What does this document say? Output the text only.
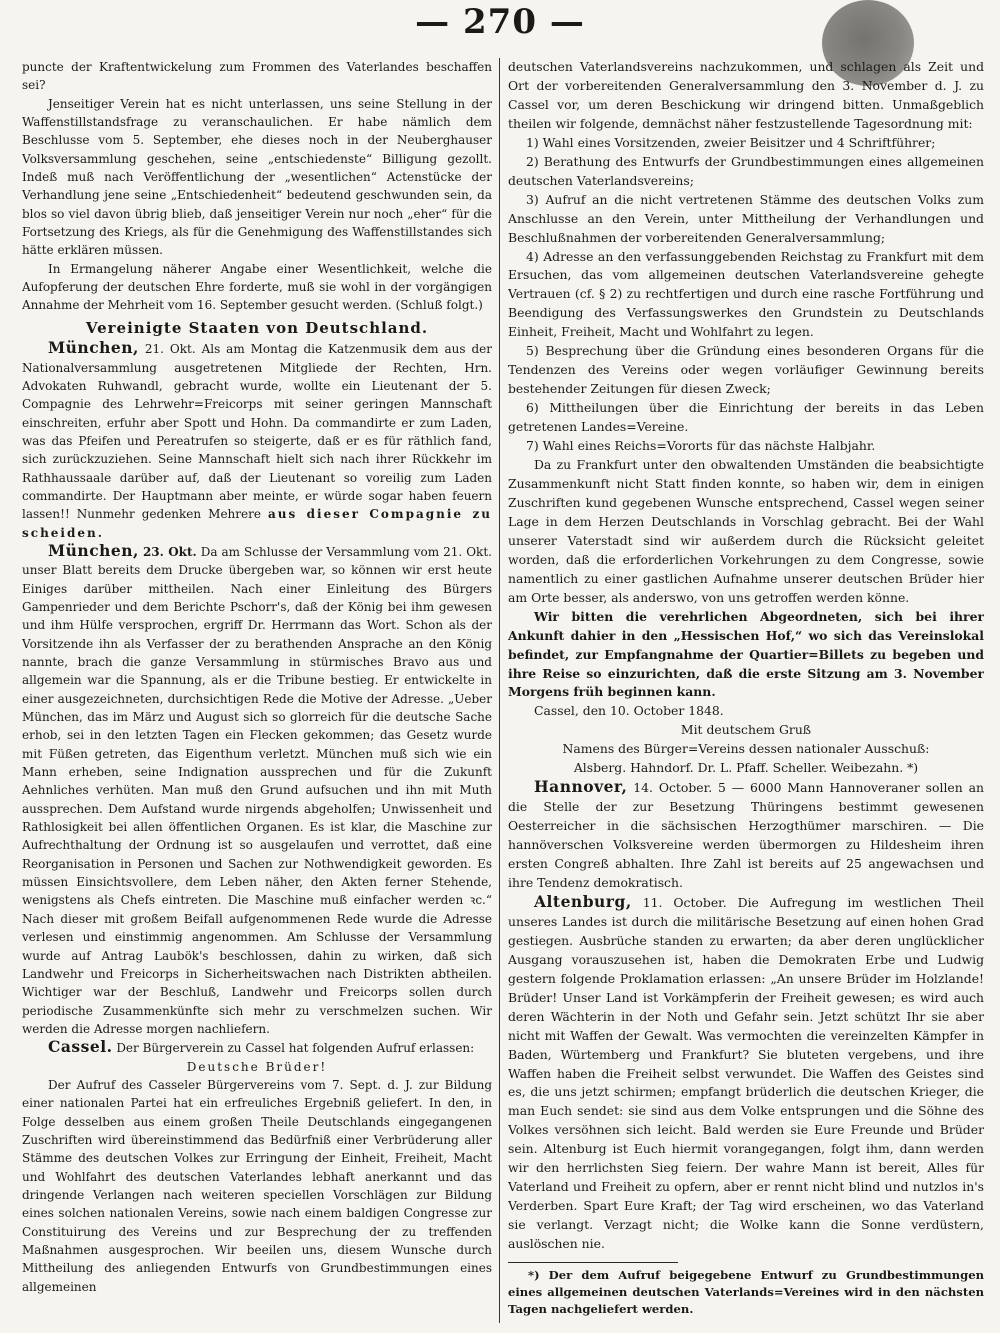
— 270 —

puncte der Kraftentwickelung zum Frommen des Vaterlandes beschaffen sei?

Jenseitiger Verein hat es nicht unterlassen, uns seine Stellung in der Waffenstillstandsfrage zu veranschaulichen. Er habe nämlich dem Beschlusse vom 5. September, ehe dieses noch in der Neuberghauser Volksversammlung geschehen, seine „entschiedenste“ Billigung gezollt. Indeß muß nach Veröffentlichung der „wesentlichen“ Actenstücke der Verhandlung jene seine „Entschiedenheit“ bedeutend geschwunden sein, da blos so viel davon übrig blieb, daß jenseitiger Verein nur noch „eher“ für die Fortsetzung des Kriegs, als für die Genehmigung des Waffenstillstandes sich hätte erklären müssen.

In Ermangelung näherer Angabe einer Wesentlichkeit, welche die Aufopferung der deutschen Ehre forderte, muß sie wohl in der vorgängigen Annahme der Mehrheit vom 16. September gesucht werden. (Schluß folgt.)

Vereinigte Staaten von Deutschland.

München, 21. Okt. Als am Montag die Katzenmusik dem aus der Nationalversammlung ausgetretenen Mitgliede der Rechten, Hrn. Advokaten Ruhwandl, gebracht wurde, wollte ein Lieutenant der 5. Compagnie des Lehrwehr=Freicorps mit seiner geringen Mannschaft einschreiten, erfuhr aber Spott und Hohn. Da commandirte er zum Laden, was das Pfeifen und Pereatrufen so steigerte, daß er es für räthlich fand, sich zurückzuziehen. Seine Mannschaft hielt sich nach ihrer Rückkehr im Rathhaussaale darüber auf, daß der Lieutenant so voreilig zum Laden commandirte. Der Hauptmann aber meinte, er würde sogar haben feuern lassen!! Nunmehr gedenken Mehrere aus dieser Compagnie zu scheiden.

München, 23. Okt. Da am Schlusse der Versammlung vom 21. Okt. unser Blatt bereits dem Drucke übergeben war, so können wir erst heute Einiges darüber mittheilen. Nach einer Einleitung des Bürgers Gampenrieder und dem Berichte Pschorr's, daß der König bei ihm gewesen und ihm Hülfe versprochen, ergriff Dr. Herrmann das Wort. Schon als der Vorsitzende ihn als Verfasser der zu berathenden Ansprache an den König nannte, brach die ganze Versammlung in stürmisches Bravo aus und allgemein war die Spannung, als er die Tribune bestieg. Er entwickelte in einer ausgezeichneten, durchsichtigen Rede die Motive der Adresse. „Ueber München, das im März und August sich so glorreich für die deutsche Sache erhob, sei in den letzten Tagen ein Flecken gekommen; das Gesetz wurde mit Füßen getreten, das Eigenthum verletzt. München muß sich wie ein Mann erheben, seine Indignation aussprechen und für die Zukunft Aehnliches verhüten. Man muß den Grund aufsuchen und ihn mit Muth aussprechen. Dem Aufstand wurde nirgends abgeholfen; Unwissenheit und Rathlosigkeit bei allen öffentlichen Organen. Es ist klar, die Maschine zur Aufrechthaltung der Ordnung ist so ausgelaufen und verrottet, daß eine Reorganisation in Personen und Sachen zur Nothwendigkeit geworden. Es müssen Einsichtsvollere, dem Leben näher, den Akten ferner Stehende, wenigstens als Chefs eintreten. Die Maschine muß einfacher werden ꝛc.“ Nach dieser mit großem Beifall aufgenommenen Rede wurde die Adresse verlesen und einstimmig angenommen. Am Schlusse der Versammlung wurde auf Antrag Laubök's beschlossen, dahin zu wirken, daß sich Landwehr und Freicorps in Sicherheitswachen nach Distrikten abtheilen. Wichtiger war der Beschluß, Landwehr und Freicorps sollen durch periodische Zusammenkünfte sich mehr zu verschmelzen suchen. Wir werden die Adresse morgen nachliefern.

Cassel. Der Bürgerverein zu Cassel hat folgenden Aufruf erlassen:

Deutsche Brüder!

Der Aufruf des Casseler Bürgervereins vom 7. Sept. d. J. zur Bildung einer nationalen Partei hat ein erfreuliches Ergebniß geliefert. In den, in Folge desselben aus einem großen Theile Deutschlands eingegangenen Zuschriften wird übereinstimmend das Bedürfniß einer Verbrüderung aller Stämme des deutschen Volkes zur Erringung der Einheit, Freiheit, Macht und Wohlfahrt des deutschen Vaterlandes lebhaft anerkannt und das dringende Verlangen nach weiteren speciellen Vorschlägen zur Bildung eines solchen nationalen Vereins, sowie nach einem baldigen Congresse zur Constituirung des Vereins und zur Besprechung der zu treffenden Maßnahmen ausgesprochen. Wir beeilen uns, diesem Wunsche durch Mittheilung des anliegenden Entwurfs von Grundbestimmungen eines allgemeinen

deutschen Vaterlandsvereins nachzukommen, und schlagen als Zeit und Ort der vorbereitenden Generalversammlung den 3. November d. J. zu Cassel vor, um deren Beschickung wir dringend bitten. Unmaßgeblich theilen wir folgende, demnächst näher festzustellende Tagesordnung mit:

1) Wahl eines Vorsitzenden, zweier Beisitzer und 4 Schriftführer;

2) Berathung des Entwurfs der Grundbestimmungen eines allgemeinen deutschen Vaterlandsvereins;

3) Aufruf an die nicht vertretenen Stämme des deutschen Volks zum Anschlusse an den Verein, unter Mittheilung der Verhandlungen und Beschlußnahmen der vorbereitenden Generalversammlung;

4) Adresse an den verfassunggebenden Reichstag zu Frankfurt mit dem Ersuchen, das vom allgemeinen deutschen Vaterlandsvereine gehegte Vertrauen (cf. § 2) zu rechtfertigen und durch eine rasche Fortführung und Beendigung des Verfassungswerkes den Grundstein zu Deutschlands Einheit, Freiheit, Macht und Wohlfahrt zu legen.

5) Besprechung über die Gründung eines besonderen Organs für die Tendenzen des Vereins oder wegen vorläufiger Gewinnung bereits bestehender Zeitungen für diesen Zweck;

6) Mittheilungen über die Einrichtung der bereits in das Leben getretenen Landes=Vereine.

7) Wahl eines Reichs=Vororts für das nächste Halbjahr.

Da zu Frankfurt unter den obwaltenden Umständen die beabsichtigte Zusammenkunft nicht Statt finden konnte, so haben wir, dem in einigen Zuschriften kund gegebenen Wunsche entsprechend, Cassel wegen seiner Lage in dem Herzen Deutschlands in Vorschlag gebracht. Bei der Wahl unserer Vaterstadt sind wir außerdem durch die Rücksicht geleitet worden, daß die erforderlichen Vorkehrungen zu dem Congresse, sowie namentlich zu einer gastlichen Aufnahme unserer deutschen Brüder hier am Orte besser, als anderswo, von uns getroffen werden könne.

Wir bitten die verehrlichen Abgeordneten, sich bei ihrer Ankunft dahier in den „Hessischen Hof,“ wo sich das Vereinslokal befindet, zur Empfangnahme der Quartier=Billets zu begeben und ihre Reise so einzurichten, daß die erste Sitzung am 3. November Morgens früh beginnen kann.

Cassel, den 10. October 1848.

Mit deutschem Gruß

Namens des Bürger=Vereins dessen nationaler Ausschuß:

Alsberg. Hahndorf. Dr. L. Pfaff. Scheller. Weibezahn. *)

Hannover, 14. October. 5 — 6000 Mann Hannoveraner sollen an die Stelle der zur Besetzung Thüringens bestimmt gewesenen Oesterreicher in die sächsischen Herzogthümer marschiren. — Die hannöverschen Volksvereine werden übermorgen zu Hildesheim ihren ersten Congreß abhalten. Ihre Zahl ist bereits auf 25 angewachsen und ihre Tendenz demokratisch.

Altenburg, 11. October. Die Aufregung im westlichen Theil unseres Landes ist durch die militärische Besetzung auf einen hohen Grad gestiegen. Ausbrüche standen zu erwarten; da aber deren unglücklicher Ausgang vorauszusehen ist, haben die Demokraten Erbe und Ludwig gestern folgende Proklamation erlassen: „An unsere Brüder im Holzlande! Brüder! Unser Land ist Vorkämpferin der Freiheit gewesen; es wird auch deren Wächterin in der Noth und Gefahr sein. Jetzt schützt Ihr sie aber nicht mit Waffen der Gewalt. Was vermochten die vereinzelten Kämpfer in Baden, Würtemberg und Frankfurt? Sie bluteten vergebens, und ihre Waffen haben die Freiheit selbst verwundet. Die Waffen des Geistes sind es, die uns jetzt schirmen; empfangt brüderlich die deutschen Krieger, die man Euch sendet: sie sind aus dem Volke entsprungen und die Söhne des Volkes versöhnen sich leicht. Bald werden sie Eure Freunde und Brüder sein. Altenburg ist Euch hiermit vorangegangen, folgt ihm, dann werden wir den herrlichsten Sieg feiern. Der wahre Mann ist bereit, Alles für Vaterland und Freiheit zu opfern, aber er rennt nicht blind und nutzlos in's Verderben. Spart Eure Kraft; der Tag wird erscheinen, wo das Vaterland sie verlangt. Verzagt nicht; die Wolke kann die Sonne verdüstern, auslöschen nie.

*) Der dem Aufruf beigegebene Entwurf zu Grundbestimmungen eines allgemeinen deutschen Vaterlands=Vereines wird in den nächsten Tagen nachgeliefert werden.
